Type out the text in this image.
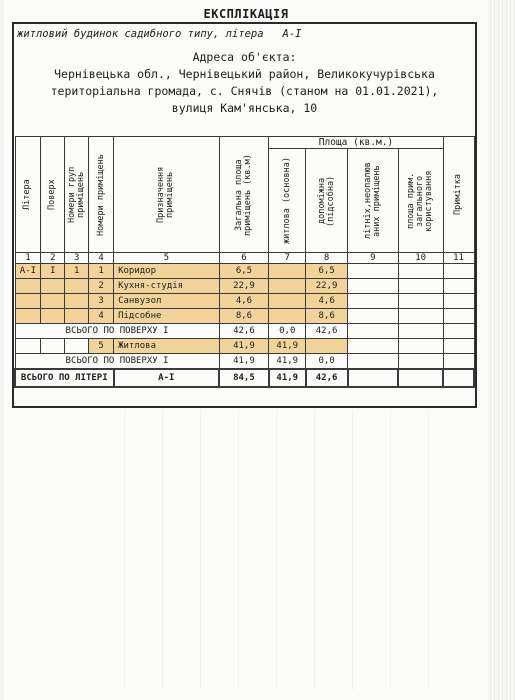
ЕКСПЛІКАЦІЯ
житловий будинок садибного типу, літера А-І
Адреса об'єкта:
Чернівецька обл., Чернівецький район, Великокучурівська
територіальна громада, с. Снячів (станом на 01.01.2021),
вулиця Кам'янська, 10
Літера	Поверх	Номери груп приміщень	Номери приміщень	Призначення приміщень	Загальна площа приміщень (кв.м)	Площа (кв.м.)				Примітка

						житлова (основна)	допоміжна (підсобна)	літніх,неопалюв аних приміщень	площа прим. загального користування	

1	2	3	4	5	6	7	8	9	10	11
А-І	І	1	1	Коридор	6,5		6,5			
			2	Кухня-студія	22,9		22,9			
			3	Санвузол	4,6		4,6			
			4	Підсобне	8,6		8,6			
ВСЬОГО ПО ПОВЕРХУ І					42,6	0,0	42,6			
			5	Житлова	41,9	41,9				
ВСЬОГО ПО ПОВЕРХУ І					41,9	41,9	0,0			
ВСЬОГО ПО ЛІТЕРІ				А-І	84,5	41,9	42,6			
